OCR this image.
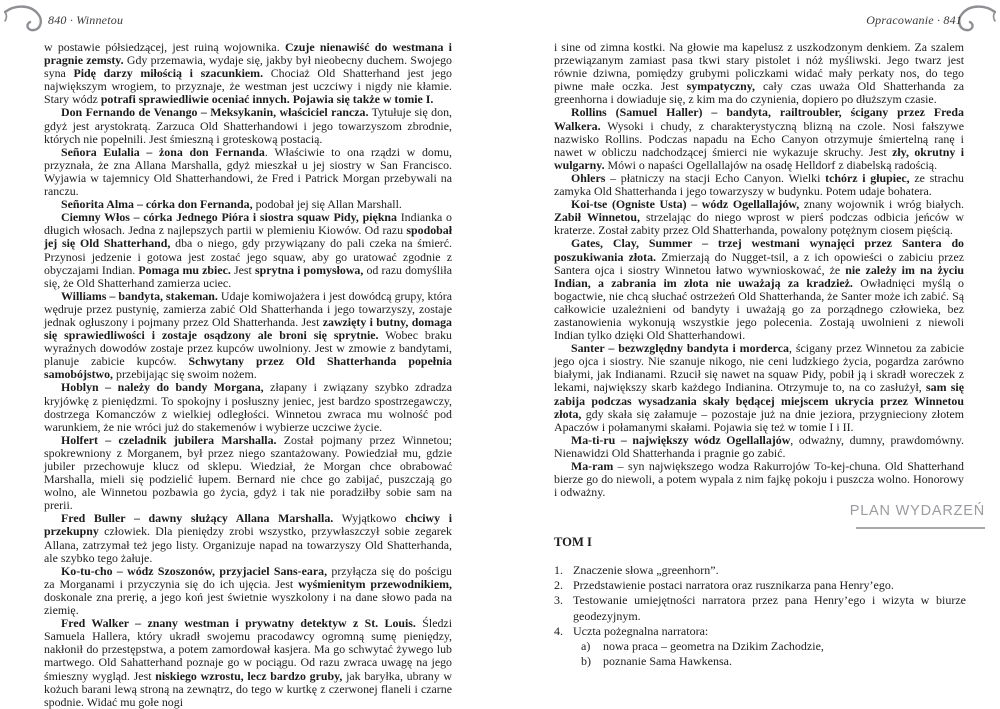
840 · Winnetou	Opracowanie · 841

w postawie półsiedzącej, jest ruiną wojownika. Czuje nienawiść do westmana i pragnie zemsty. Gdy przemawia, wydaje się, jakby był nieobecny duchem. Swojego syna Pidę darzy miłością i szacunkiem. Chociaż Old Shatterhand jest jego największym wrogiem, to przyznaje, że westman jest uczciwy i nigdy nie kłamie. Stary wódz potrafi sprawiedliwie oceniać innych. Pojawia się także w tomie I.

Don Fernando de Venango – Meksykanin, właściciel rancza. Tytułuje się don, gdyż jest arystokratą. Zarzuca Old Shatterhandowi i jego towarzyszom zbrodnie, których nie popełnili. Jest śmieszną i groteskową postacią.

Señora Eulalia – żona don Fernanda. Właściwie to ona rządzi w domu, przyznała, że zna Allana Marshalla, gdyż mieszkał u jej siostry w San Francisco. Wyjawia w tajemnicy Old Shatterhandowi, że Fred i Patrick Morgan przebywali na ranczu.

Señorita Alma – córka don Fernanda, podobał jej się Allan Marshall.

Ciemny Włos – córka Jednego Pióra i siostra squaw Pidy, piękna Indianka o długich włosach. Jedna z najlepszych partii w plemieniu Kiowów. Od razu spodobał jej się Old Shatterhand, dba o niego, gdy przywiązany do pali czeka na śmierć. Przynosi jedzenie i gotowa jest zostać jego squaw, aby go uratować zgodnie z obyczajami Indian. Pomaga mu zbiec. Jest sprytna i pomysłowa, od razu domyśliła się, że Old Shatterhand zamierza uciec.

Williams – bandyta, stakeman. Udaje komiwojażera i jest dowódcą grupy, która wędruje przez pustynię, zamierza zabić Old Shatterhanda i jego towarzyszy, zostaje jednak ogłuszony i pojmany przez Old Shatterhanda. Jest zawzięty i butny, domaga się sprawiedliwości i zostaje osądzony ale broni się sprytnie. Wobec braku wyraźnych dowodów zostaje przez kupców uwolniony. Jest w zmowie z bandytami, planuje zabicie kupców. Schwytany przez Old Shatterhanda popełnia samobójstwo, przebijając się swoim nożem.

Hoblyn – należy do bandy Morgana, złapany i związany szybko zdradza kryjówkę z pieniędzmi. To spokojny i posłuszny jeniec, jest bardzo spostrzegawczy, dostrzega Komanczów z wielkiej odległości. Winnetou zwraca mu wolność pod warunkiem, że nie wróci już do stakemenów i wybierze uczciwe życie.

Holfert – czeladnik jubilera Marshalla. Został pojmany przez Winnetou; spokrewniony z Morganem, był przez niego szantażowany. Powiedział mu, gdzie jubiler przechowuje klucz od sklepu. Wiedział, że Morgan chce obrabować Marshalla, mieli się podzielić łupem. Bernard nie chce go zabijać, puszczają go wolno, ale Winnetou pozbawia go życia, gdyż i tak nie poradziłby sobie sam na prerii.

Fred Buller – dawny służący Allana Marshalla. Wyjątkowo chciwy i przekupny człowiek. Dla pieniędzy zrobi wszystko, przywłaszczył sobie zegarek Allana, zatrzymał też jego listy. Organizuje napad na towarzyszy Old Shatterhanda, ale szybko tego żałuje.

Ko-tu-cho – wódz Szoszonów, przyjaciel Sans-eara, przyłącza się do pościgu za Morganami i przyczynia się do ich ujęcia. Jest wyśmienitym przewodnikiem, doskonale zna prerię, a jego koń jest świetnie wyszkolony i na dane słowo pada na ziemię.

Fred Walker – znany westman i prywatny detektyw z St. Louis. Śledzi Samuela Hallera, który ukradł swojemu pracodawcy ogromną sumę pieniędzy, nakłonił do przestępstwa, a potem zamordował kasjera. Ma go schwytać żywego lub martwego. Old Sahatterhand poznaje go w pociągu. Od razu zwraca uwagę na jego śmieszny wygląd. Jest niskiego wzrostu, lecz bardzo gruby, jak baryłka, ubrany w kożuch barani lewą stroną na zewnątrz, do tego w kurtkę z czerwonej flaneli i czarne spodnie. Widać mu gołe nogi

i sine od zimna kostki. Na głowie ma kapelusz z uszkodzonym denkiem. Za szalem przewiązanym zamiast pasa tkwi stary pistolet i nóż myśliwski. Jego twarz jest równie dziwna, pomiędzy grubymi policzkami widać mały perkaty nos, do tego piwne małe oczka. Jest sympatyczny, cały czas uważa Old Shatterhanda za greenhorna i dowiaduje się, z kim ma do czynienia, dopiero po dłuższym czasie.

Rollins (Samuel Haller) – bandyta, railtroubler, ścigany przez Freda Walkera. Wysoki i chudy, z charakterystyczną blizną na czole. Nosi fałszywe nazwisko Rollins. Podczas napadu na Echo Canyon otrzymuje śmiertelną ranę i nawet w obliczu nadchodzącej śmierci nie wykazuje skruchy. Jest zły, okrutny i wulgarny. Mówi o napaści Ogellallajów na osadę Helldorf z diabelską radością.

Ohlers – płatniczy na stacji Echo Canyon. Wielki tchórz i głupiec, ze strachu zamyka Old Shatterhanda i jego towarzyszy w budynku. Potem udaje bohatera.

Koi-tse (Ogniste Usta) – wódz Ogellallajów, znany wojownik i wróg białych. Zabił Winnetou, strzelając do niego wprost w pierś podczas odbicia jeńców w kraterze. Został zabity przez Old Shatterhanda, powalony potężnym ciosem pięścią.

Gates, Clay, Summer – trzej westmani wynajęci przez Santera do poszukiwania złota. Zmierzają do Nugget-tsil, a z ich opowieści o zabiciu przez Santera ojca i siostry Winnetou łatwo wywnioskować, że nie zależy im na życiu Indian, a zabrania im złota nie uważają za kradzież. Owładnięci myślą o bogactwie, nie chcą słuchać ostrzeżeń Old Shatterhanda, że Santer może ich zabić. Są całkowicie uzależnieni od bandyty i uważają go za porządnego człowieka, bez zastanowienia wykonują wszystkie jego polecenia. Zostają uwolnieni z niewoli Indian tylko dzięki Old Shatterhandowi.

Santer – bezwzględny bandyta i morderca, ścigany przez Winnetou za zabicie jego ojca i siostry. Nie szanuje nikogo, nie ceni ludzkiego życia, pogardza zarówno białymi, jak Indianami. Rzucił się nawet na squaw Pidy, pobił ją i skradł woreczek z lekami, największy skarb każdego Indianina. Otrzymuje to, na co zasłużył, sam się zabija podczas wysadzania skały będącej miejscem ukrycia przez Winnetou złota, gdy skała się załamuje – pozostaje już na dnie jeziora, przygnieciony złotem Apaczów i połamanymi skałami. Pojawia się też w tomie I i II.

Ma-ti-ru – największy wódz Ogellallajów, odważny, dumny, prawdomówny. Nienawidzi Old Shatterhanda i pragnie go zabić.

Ma-ram – syn największego wodza Rakurrojów To-kej-chuna. Old Shatterhand bierze go do niewoli, a potem wypala z nim fajkę pokoju i puszcza wolno. Honorowy i odważny.

PLAN WYDARZEŃ
TOM I
1. Znaczenie słowa „greenhorn”.
2. Przedstawienie postaci narratora oraz rusznikarza pana Henry’ego.
3. Testowanie umiejętności narratora przez pana Henry’ego i wizyta w biurze geodezyjnym.
4. Uczta pożegnalna narratora:
a)	nowa praca – geometra na Dzikim Zachodzie,
b)	poznanie Sama Hawkensa.
